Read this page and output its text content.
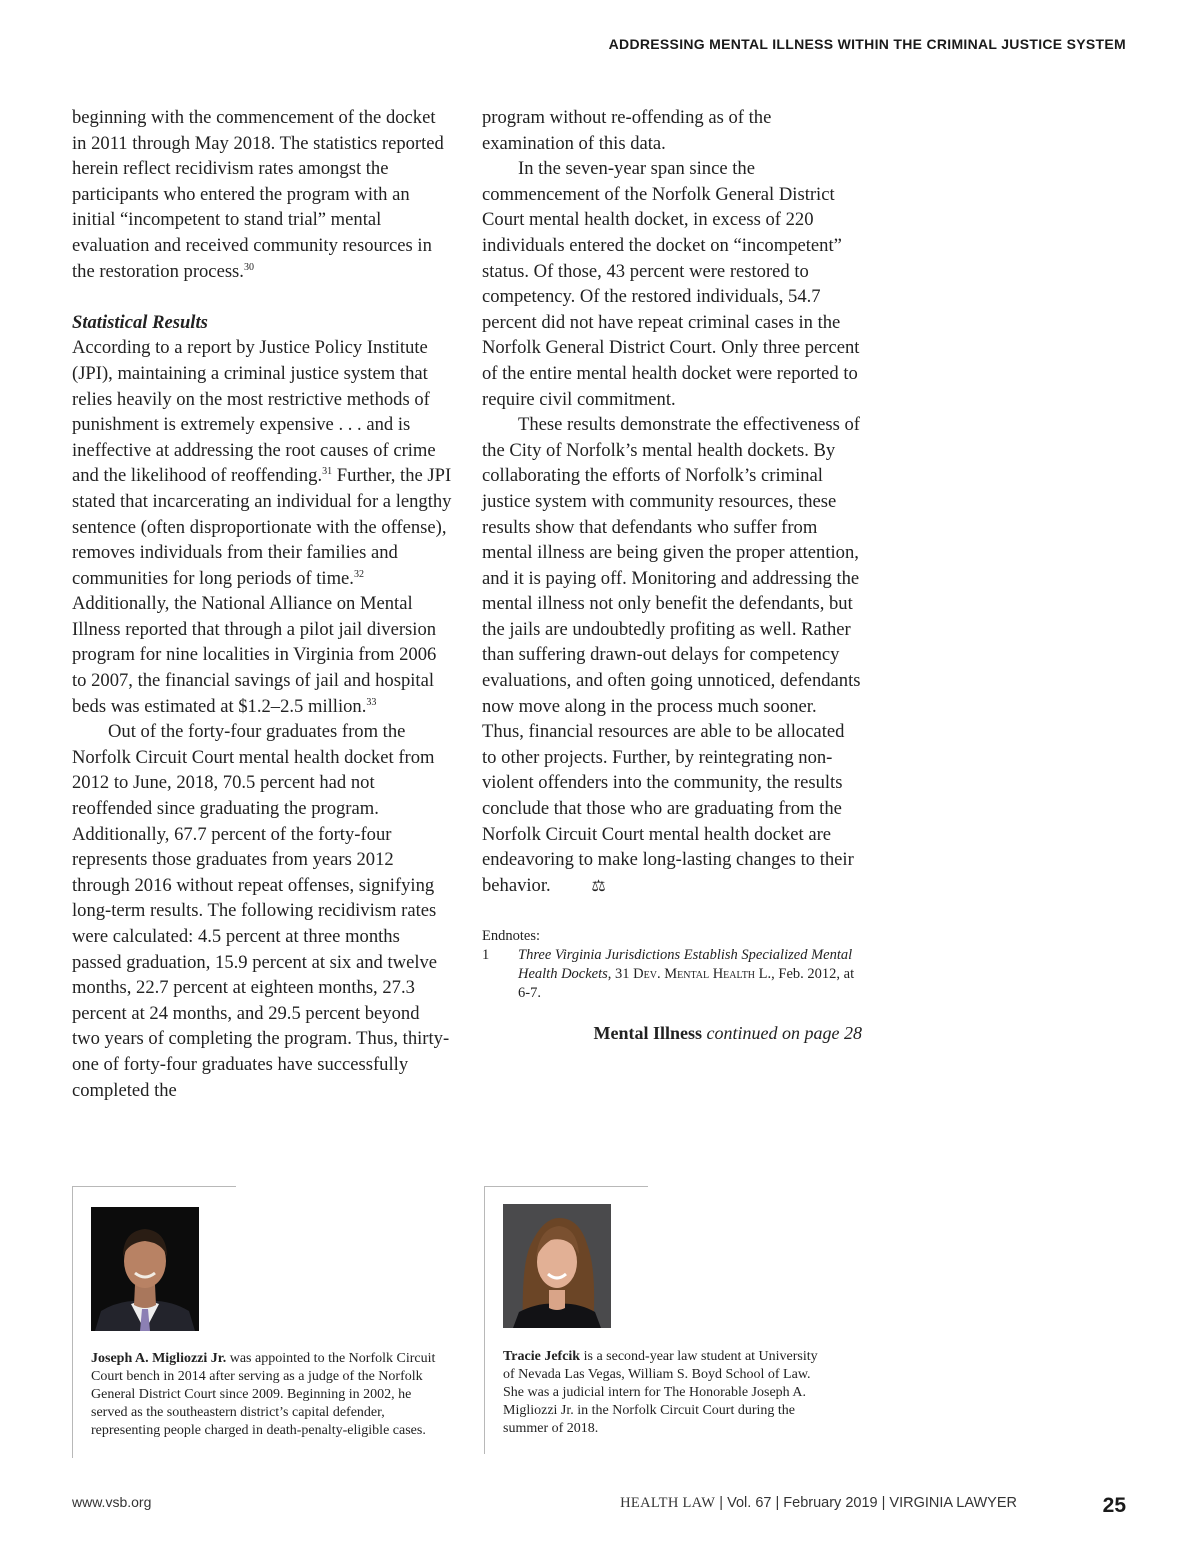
ADDRESSING MENTAL ILLNESS WITHIN THE CRIMINAL JUSTICE SYSTEM

beginning with the commencement of the docket in 2011 through May 2018. The statistics reported herein reflect recidivism rates amongst the participants who entered the program with an initial “incompetent to stand trial” mental evaluation and received community resources in the restoration process.$^{30}$

Statistical Results

According to a report by Justice Policy Institute (JPI), maintaining a criminal justice system that relies heavily on the most restrictive methods of punishment is extremely expensive . . . and is ineffective at addressing the root causes of crime and the likelihood of reoffending.$^{31}$ Further, the JPI stated that incarcerating an individual for a lengthy sentence (often disproportionate with the offense), removes individuals from their families and communities for long periods of time.$^{32}$ Additionally, the National Alliance on Mental Illness reported that through a pilot jail diversion program for nine localities in Virginia from 2006 to 2007, the financial savings of jail and hospital beds was estimated at $1.2–2.5 million.$^{33}$

Out of the forty-four graduates from the Norfolk Circuit Court mental health docket from 2012 to June, 2018, 70.5 percent had not reoffended since graduating the program. Additionally, 67.7 percent of the forty-four represents those graduates from years 2012 through 2016 without repeat offenses, signifying long-term results. The following recidivism rates were calculated: 4.5 percent at three months passed graduation, 15.9 percent at six and twelve months, 22.7 percent at eighteen months, 27.3 percent at 24 months, and 29.5 percent beyond two years of completing the program. Thus, thirty-one of forty-four graduates have successfully completed the

program without re-offending as of the examination of this data.

In the seven-year span since the commencement of the Norfolk General District Court mental health docket, in excess of 220 individuals entered the docket on “incompetent” status. Of those, 43 percent were restored to competency. Of the restored individuals, 54.7 percent did not have repeat criminal cases in the Norfolk General District Court. Only three percent of the entire mental health docket were reported to require civil commitment.

These results demonstrate the effectiveness of the City of Norfolk’s mental health dockets. By collaborating the efforts of Norfolk’s criminal justice system with community resources, these results show that defendants who suffer from mental illness are being given the proper attention, and it is paying off. Monitoring and addressing the mental illness not only benefit the defendants, but the jails are undoubtedly profiting as well. Rather than suffering drawn-out delays for competency evaluations, and often going unnoticed, defendants now move along in the process much sooner. Thus, financial resources are able to be allocated to other projects. Further, by reintegrating non-violent offenders into the community, the results conclude that those who are graduating from the Norfolk Circuit Court mental health docket are endeavoring to make long-lasting changes to their behavior.	⚖

Endnotes:

1	Three Virginia Jurisdictions Establish Specialized Mental Health Dockets, 31 Dev. Mental Health L., Feb. 2012, at 6-7.

Mental Illness continued on page 28

Joseph A. Migliozzi Jr. was appointed to the Norfolk Circuit Court bench in 2014 after serving as a judge of the Norfolk General District Court since 2009. Beginning in 2002, he served as the southeastern district’s capital defender, representing people charged in death-penalty-eligible cases.
Tracie Jefcik is a second-year law student at University of Nevada Las Vegas, William S. Boyd School of Law. She was a judicial intern for The Honorable Joseph A. Migliozzi Jr. in the Norfolk Circuit Court during the summer of 2018.
www.vsb.org	HEALTH LAW | Vol. 67 | February 2019 | VIRGINIA LAWYER	25
